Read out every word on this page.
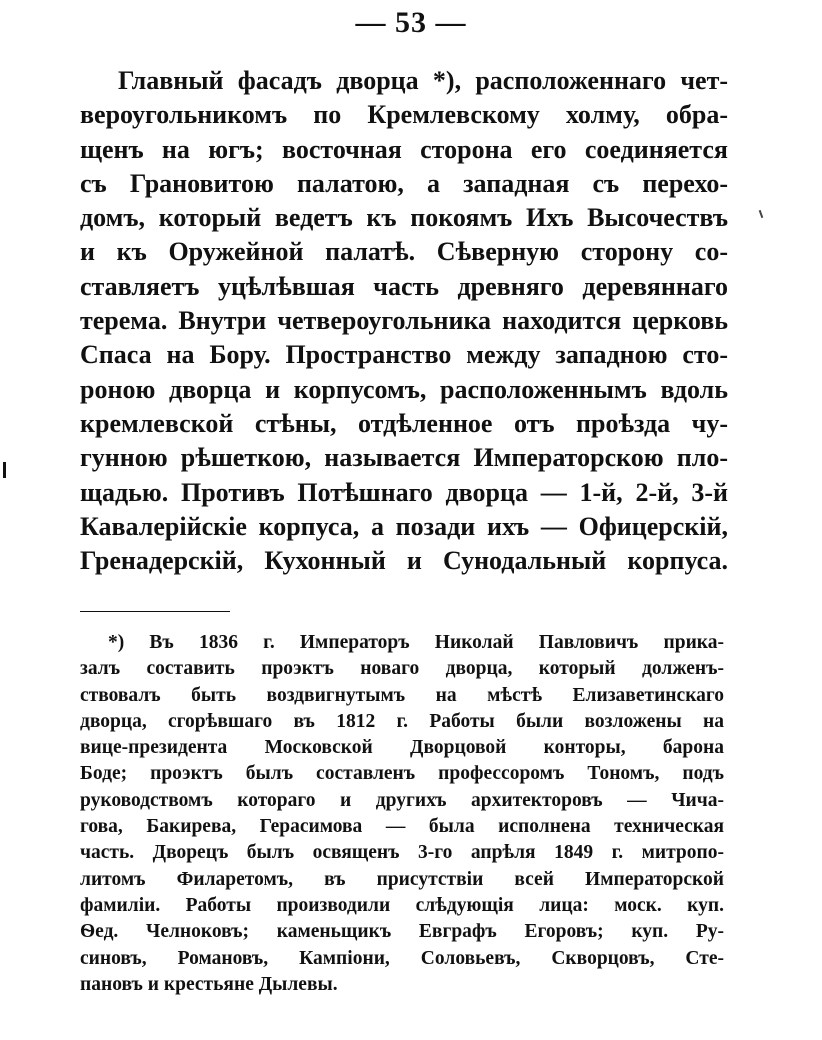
— 53 —
Главный фасадъ дворца *), расположеннаго чет-
вероугольникомъ по Кремлевскому холму, обра-
щенъ на югъ; восточная сторона его соединяется
съ Грановитою палатою, а западная съ перехо-
домъ, который ведетъ къ покоямъ Ихъ Высочествъ
и къ Оружейной палатѣ. Сѣверную сторону со-
ставляетъ уцѣлѣвшая часть древняго деревяннаго
терема. Внутри четвероугольника находится церковь
Спаса на Бору. Пространство между западною сто-
роною дворца и корпусомъ, расположеннымъ вдоль
кремлевской стѣны, отдѣленное отъ проѣзда чу-
гунною рѣшеткою, называется Императорскою пло-
щадью. Противъ Потѣшнаго дворца — 1-й, 2-й, 3-й
Кавалерійскіе корпуса, а позади ихъ — Офицерскій,
Гренадерскій, Кухонный и Сунодальный корпуса.
*) Въ 1836 г. Императоръ Николай Павловичъ прика-
залъ составить проэктъ новаго дворца, который долженъ-
ствовалъ быть воздвигнутымъ на мѣстѣ Елизаветинскаго
дворца, сгорѣвшаго въ 1812 г. Работы были возложены на
вице-президента Московской Дворцовой конторы, барона
Боде; проэктъ былъ составленъ профессоромъ Тономъ, подъ
руководствомъ котораго и другихъ архитекторовъ — Чича-
гова, Бакирева, Герасимова — была исполнена техническая
часть. Дворецъ былъ освященъ 3-го апрѣля 1849 г. митропо-
литомъ Филаретомъ, въ присутствіи всей Императорской
фамиліи. Работы производили слѣдующія лица: моск. куп.
Ѳед. Челноковъ; каменьщикъ Евграфъ Егоровъ; куп. Ру-
синовъ, Романовъ, Кампіони, Соловьевъ, Скворцовъ, Сте-
пановъ и крестьяне Дылевы.
